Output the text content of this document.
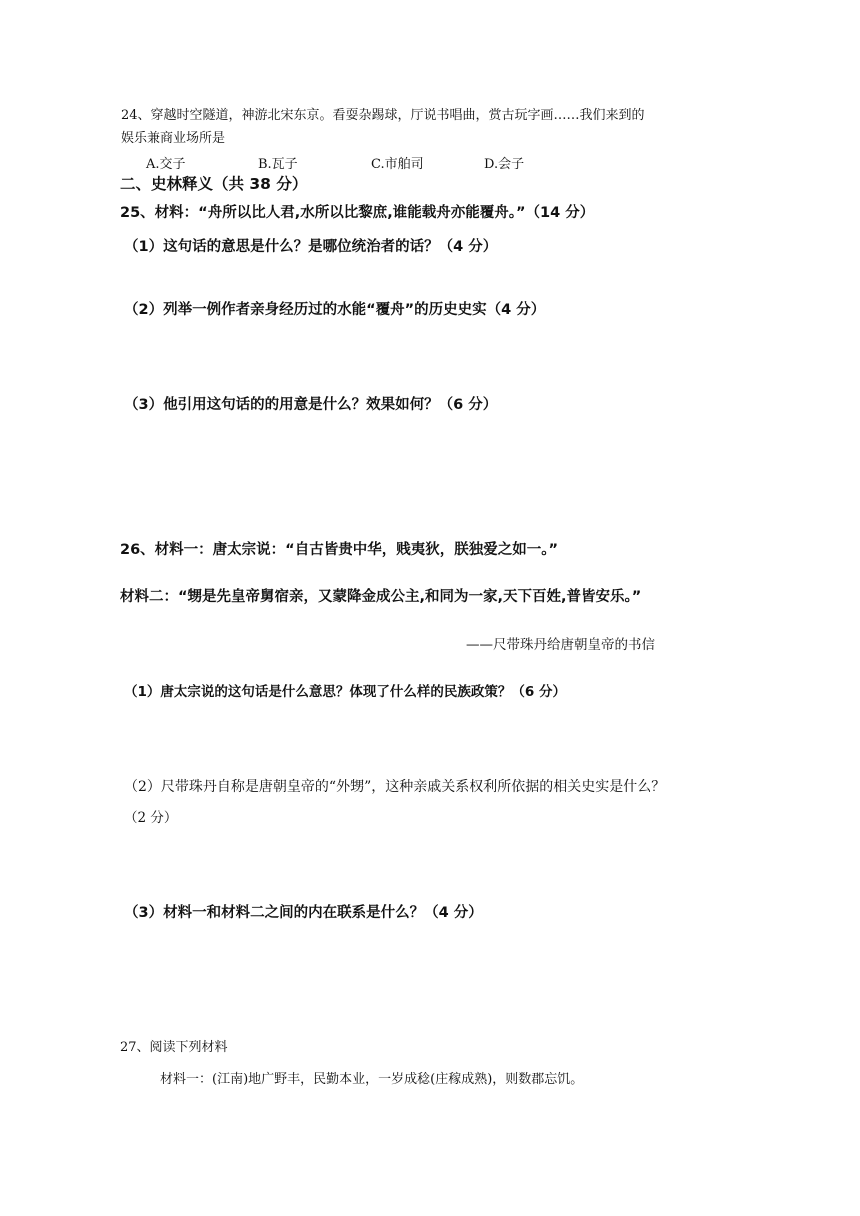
24、穿越时空隧道，神游北宋东京。看耍杂踢球，厅说书唱曲，赏古玩字画……我们来到的
娱乐兼商业场所是
A.交子	B.瓦子	C.市舶司	D.会子
二、史林释义（共 38 分）
25、材料：“舟所以比人君,水所以比黎庶,谁能载舟亦能覆舟。”（14 分）
（1）这句话的意思是什么？是哪位统治者的话？（4 分）
（2）列举一例作者亲身经历过的水能“覆舟”的历史史实（4 分）
（3）他引用这句话的的用意是什么？效果如何？（6 分）
26、材料一：唐太宗说：“自古皆贵中华，贱夷狄，朕独爱之如一。”
材料二：“甥是先皇帝舅宿亲，又蒙降金成公主,和同为一家,天下百姓,普皆安乐。”
——尺带珠丹给唐朝皇帝的书信
（1）唐太宗说的这句话是什么意思？体现了什么样的民族政策？（6 分）
（2）尺带珠丹自称是唐朝皇帝的“外甥”，这种亲戚关系权利所依据的相关史实是什么？
（2 分）
（3）材料一和材料二之间的内在联系是什么？（4 分）
27、阅读下列材料
材料一：(江南)地广野丰，民勤本业，一岁成稔(庄稼成熟)，则数郡忘饥。
